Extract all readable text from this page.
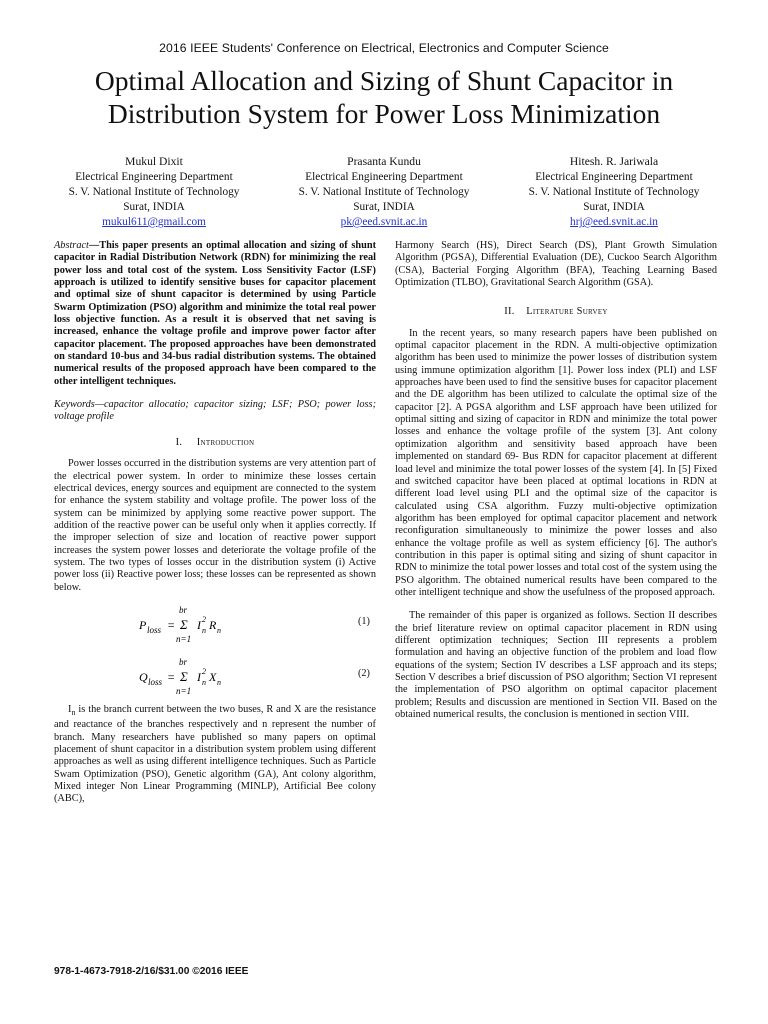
2016 IEEE Students' Conference on Electrical, Electronics and Computer Science
Optimal Allocation and Sizing of Shunt Capacitor in Distribution System for Power Loss Minimization
Mukul Dixit
Electrical Engineering Department
S. V. National Institute of Technology
Surat, INDIA
mukul611@gmail.com
Prasanta Kundu
Electrical Engineering Department
S. V. National Institute of Technology
Surat, INDIA
pk@eed.svnit.ac.in
Hitesh. R. Jariwala
Electrical Engineering Department
S. V. National Institute of Technology
Surat, INDIA
hrj@eed.svnit.ac.in

Abstract—This paper presents an optimal allocation and sizing of shunt capacitor in Radial Distribution Network (RDN) for minimizing the real power loss and total cost of the system. Loss Sensitivity Factor (LSF) approach is utilized to identify sensitive buses for capacitor placement and optimal size of shunt capacitor is determined by using Particle Swarm Optimization (PSO) algorithm and minimize the total real power loss objective function. As a result it is observed that net saving is increased, enhance the voltage profile and improve power factor after capacitor placement. The proposed approaches have been demonstrated on standard 10-bus and 34-bus radial distribution systems. The obtained numerical results of the proposed approach have been compared to the other intelligent techniques.

Keywords—capacitor allocatio; capacitor sizing; LSF; PSO; power loss; voltage profile

I. Introduction

Power losses occurred in the distribution systems are very attention part of the electrical power system. In order to minimize these losses certain electrical devices, energy sources and equipment are connected to the system for enhance the system stability and voltage profile. The power loss of the system can be minimized by applying some reactive power support. The addition of the reactive power can be useful only when it applies correctly. If the improper selection of size and location of reactive power support increases the system power losses and deteriorate the voltage profile of the system. The two types of losses occur in the distribution system (i) Active power loss (ii) Reactive power loss; these losses can be represented as shown below.

P loss =
br
Σ
n=1
I 2
n R n
(1)
Q loss =
br
Σ
n=1
I 2
n X n
(2)

$I_n$ is the branch current between the two buses, R and X are the resistance and reactance of the branches respectively and n represent the number of branch. Many researchers have published so many papers on optimal placement of shunt capacitor in a distribution system problem using different approaches as well as using different intelligence techniques. Such as Particle Swam Optimization (PSO), Genetic algorithm (GA), Ant colony algorithm, Mixed integer Non Linear Programming (MINLP), Artificial Bee colony (ABC),

Harmony Search (HS), Direct Search (DS), Plant Growth Simulation Algorithm (PGSA), Differential Evaluation (DE), Cuckoo Search Algorithm (CSA), Bacterial Forging Algorithm (BFA), Teaching Learning Based Optimization (TLBO), Gravitational Search Algorithm (GSA).

II. Literature Survey

In the recent years, so many research papers have been published on optimal capacitor placement in the RDN. A multi-objective optimization algorithm has been used to minimize the power losses of distribution system using immune optimization algorithm [1]. Power loss index (PLI) and LSF approaches have been used to find the sensitive buses for capacitor placement and the DE algorithm has been utilized to calculate the optimal size of the capacitor [2]. A PGSA algorithm and LSF approach have been utilized for optimal sitting and sizing of capacitor in RDN and minimize the total power losses and enhance the voltage profile of the system [3]. Ant colony optimization algorithm and sensitivity based approach have been implemented on standard 69- Bus RDN for capacitor placement at different load level and minimize the total power losses of the system [4]. In [5] Fixed and switched capacitor have been placed at optimal locations in RDN at different load level using PLI and the optimal size of the capacitor is calculated using CSA algorithm. Fuzzy multi-objective optimization algorithm has been employed for optimal capacitor placement and network reconfiguration simultaneously to minimize the power losses and also enhance the voltage profile as well as system efficiency [6]. The author's contribution in this paper is optimal siting and sizing of shunt capacitor in RDN to minimize the total power losses and total cost of the system using the PSO algorithm. The obtained numerical results have been compared to the other intelligent technique and show the usefulness of the proposed approach.

The remainder of this paper is organized as follows. Section II describes the brief literature review on optimal capacitor placement in RDN using different optimization techniques; Section III represents a problem formulation and having an objective function of the problem and load flow equations of the system; Section IV describes a LSF approach and its steps; Section V describes a brief discussion of PSO algorithm; Section VI represent the implementation of PSO algorithm on optimal capacitor placement problem; Results and discussion are mentioned in Section VII. Based on the obtained numerical results, the conclusion is mentioned in section VIII.

978-1-4673-7918-2/16/$31.00 ©2016 IEEE
